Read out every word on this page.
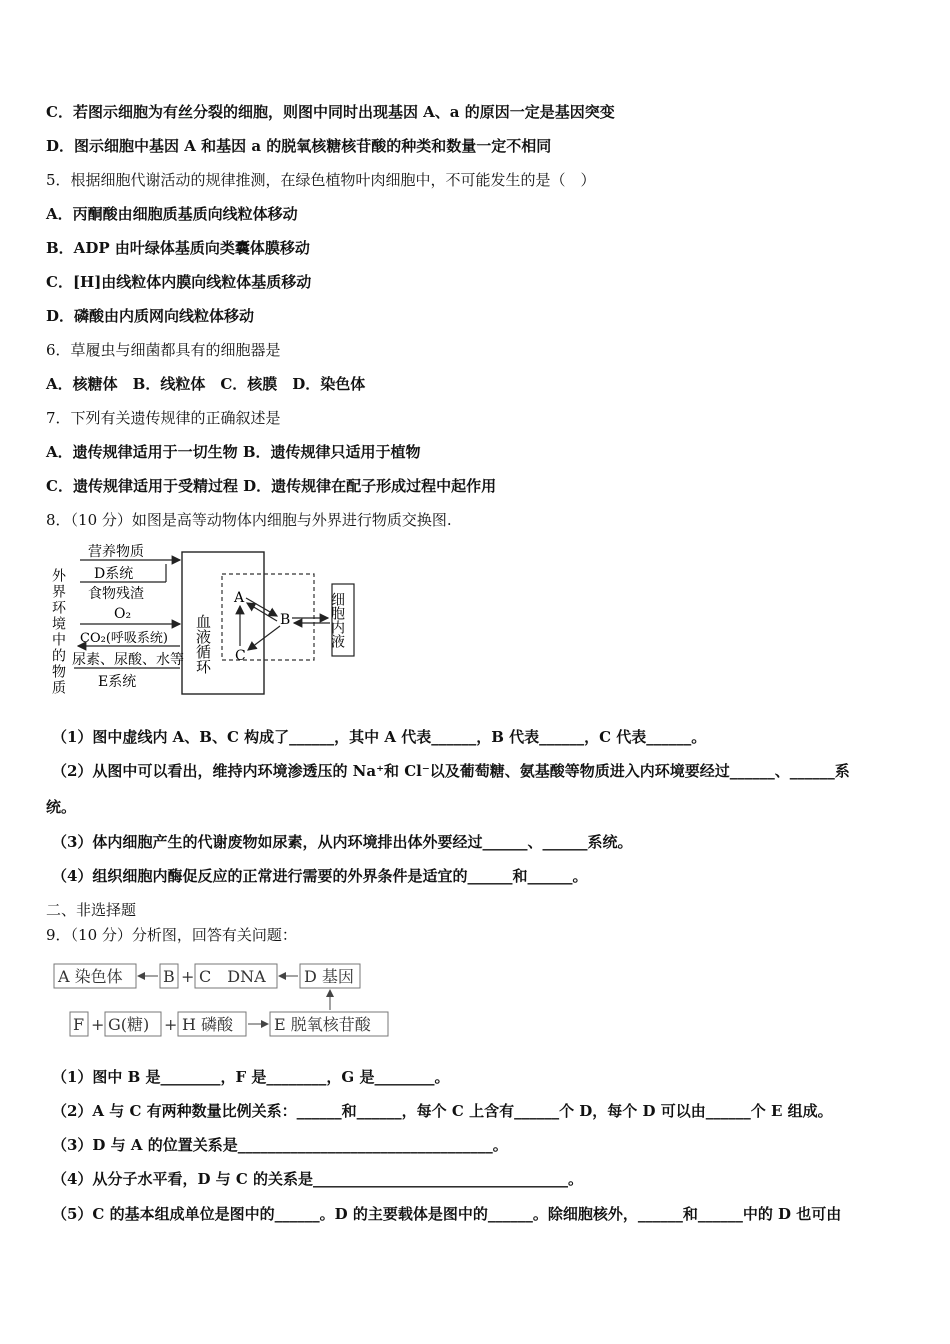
C．若图示细胞为有丝分裂的细胞，则图中同时出现基因 A、a 的原因一定是基因突变
D．图示细胞中基因 A 和基因 a 的脱氧核糖核苷酸的种类和数量一定不相同
5．根据细胞代谢活动的规律推测，在绿色植物叶肉细胞中，不可能发生的是（　）
A．丙酮酸由细胞质基质向线粒体移动
B．ADP 由叶绿体基质向类囊体膜移动
C．[H]由线粒体内膜向线粒体基质移动
D．磷酸由内质网向线粒体移动
6．草履虫与细菌都具有的细胞器是
A．核糖体　B．线粒体　C．核膜　D．染色体
7．下列有关遗传规律的正确叙述是
A．遗传规律适用于一切生物 B．遗传规律只适用于植物
C．遗传规律适用于受精过程 D．遗传规律在配子形成过程中起作用
8．（10 分）如图是高等动物体内细胞与外界进行物质交换图.
外界环境中的物质	血液循环
营养物质
D系统
食物残渣
O₂
CO₂(呼吸系统)
尿素、尿酸、水等
E系统
A
B
C
细胞内液
（1）图中虚线内 A、B、C 构成了______，其中 A 代表______，B 代表______，C 代表______。
（2）从图中可以看出，维持内环境渗透压的 Na⁺和 Cl⁻以及葡萄糖、氨基酸等物质进入内环境要经过______、______系
统。
（3）体内细胞产生的代谢废物如尿素，从内环境排出体外要经过______、______系统。
（4）组织细胞内酶促反应的正常进行需要的外界条件是适宜的______和______。
二、非选择题
9．（10 分）分析图，回答有关问题：
A 染色体	B + C　DNA D 基因
F + G(糖) + H 磷酸	E 脱氧核苷酸
（1）图中 B 是________，F 是________，G 是________。
（2）A 与 C 有两种数量比例关系：______和______，每个 C 上含有______个 D，每个 D 可以由______个 E 组成。
（3）D 与 A 的位置关系是__________________________________。
（4）从分子水平看，D 与 C 的关系是__________________________________。
（5）C 的基本组成单位是图中的______。D 的主要载体是图中的______。除细胞核外，______和______中的 D 也可由
